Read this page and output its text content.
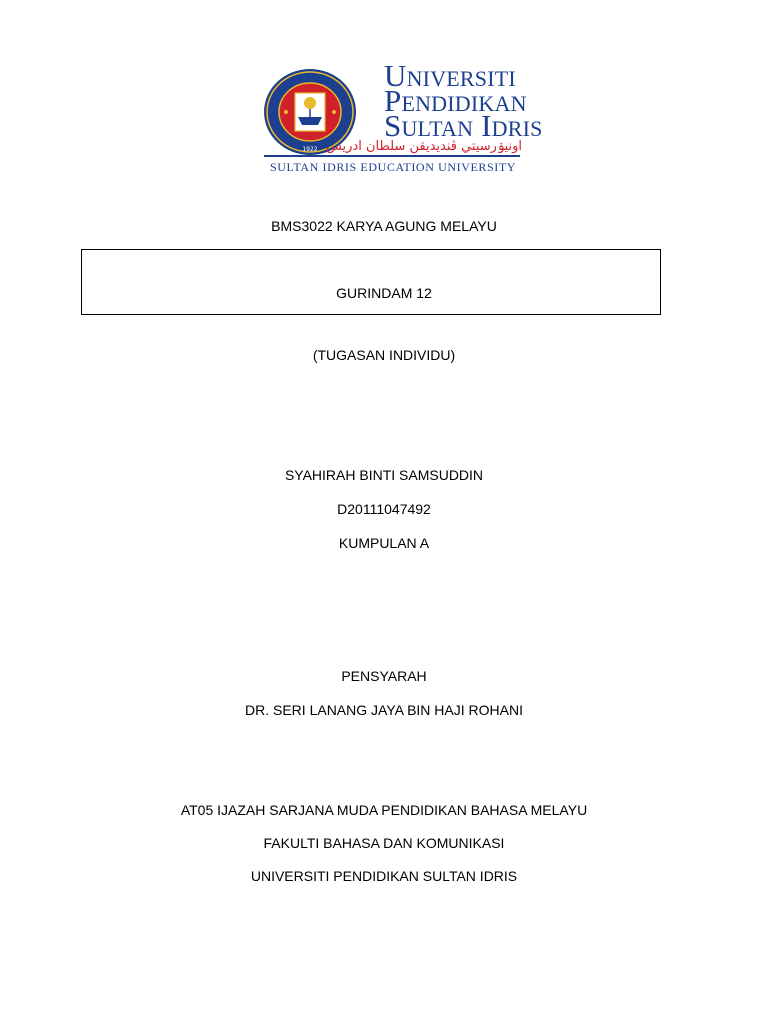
1922
Universiti
Pendidikan
Sultan Idris
اونيۏرسيتي ڤنديديقن سلطان ادريس
SULTAN IDRIS EDUCATION UNIVERSITY
BMS3022 KARYA AGUNG MELAYU
GURINDAM 12
(TUGASAN INDIVIDU)
SYAHIRAH BINTI SAMSUDDIN
D20111047492
KUMPULAN A
PENSYARAH
DR. SERI LANANG JAYA BIN HAJI ROHANI
AT05 IJAZAH SARJANA MUDA PENDIDIKAN BAHASA MELAYU
FAKULTI BAHASA DAN KOMUNIKASI
UNIVERSITI PENDIDIKAN SULTAN IDRIS
